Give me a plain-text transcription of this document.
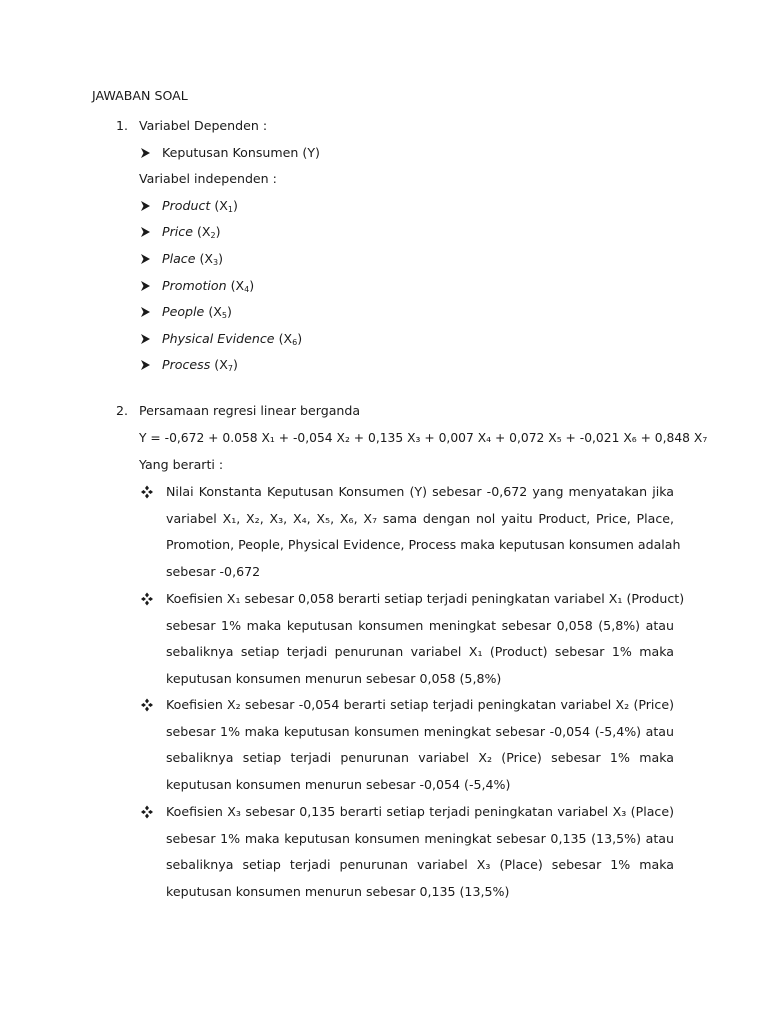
JAWABAN SOAL
1. Variabel Dependen :
Keputusan Konsumen (Y)
Variabel independen :
Product $(X_1)$
Price $(X_2)$
Place $(X_3)$
Promotion $(X_4)$
People $(X_5)$
Physical Evidence $(X_6)$
Process $(X_7)$
2. Persamaan regresi linear berganda
Y = -0,672 + 0.058 X₁ + -0,054 X₂ + 0,135 X₃ + 0,007 X₄ + 0,072 X₅ + -0,021 X₆ + 0,848 X₇
Yang berarti :
Nilai Konstanta Keputusan Konsumen (Y) sebesar -0,672 yang menyatakan jika
variabel X₁, X₂, X₃, X₄, X₅, X₆, X₇ sama dengan nol yaitu Product, Price, Place,
Promotion, People, Physical Evidence, Process maka keputusan konsumen adalah
sebesar -0,672
Koefisien X₁ sebesar 0,058 berarti setiap terjadi peningkatan variabel X₁ (Product)
sebesar 1% maka keputusan konsumen meningkat sebesar 0,058 (5,8%) atau
sebaliknya setiap terjadi penurunan variabel X₁ (Product) sebesar 1% maka
keputusan konsumen menurun sebesar 0,058 (5,8%)
Koefisien X₂ sebesar -0,054 berarti setiap terjadi peningkatan variabel X₂ (Price)
sebesar 1% maka keputusan konsumen meningkat sebesar -0,054 (-5,4%) atau
sebaliknya setiap terjadi penurunan variabel X₂ (Price) sebesar 1% maka
keputusan konsumen menurun sebesar -0,054 (-5,4%)
Koefisien X₃ sebesar 0,135 berarti setiap terjadi peningkatan variabel X₃ (Place)
sebesar 1% maka keputusan konsumen meningkat sebesar 0,135 (13,5%) atau
sebaliknya setiap terjadi penurunan variabel X₃ (Place) sebesar 1% maka
keputusan konsumen menurun sebesar 0,135 (13,5%)
